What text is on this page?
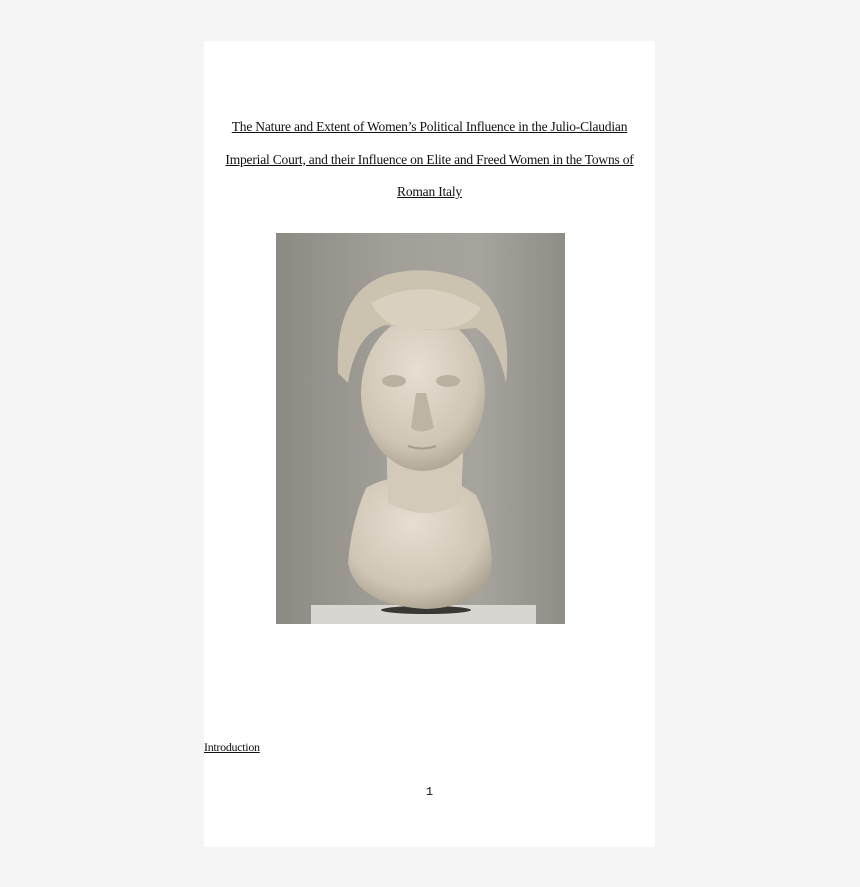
The Nature and Extent of Women’s Political Influence in the Julio-Claudian
Imperial Court, and their Influence on Elite and Freed Women in the Towns of
Roman Italy
Introduction
1
